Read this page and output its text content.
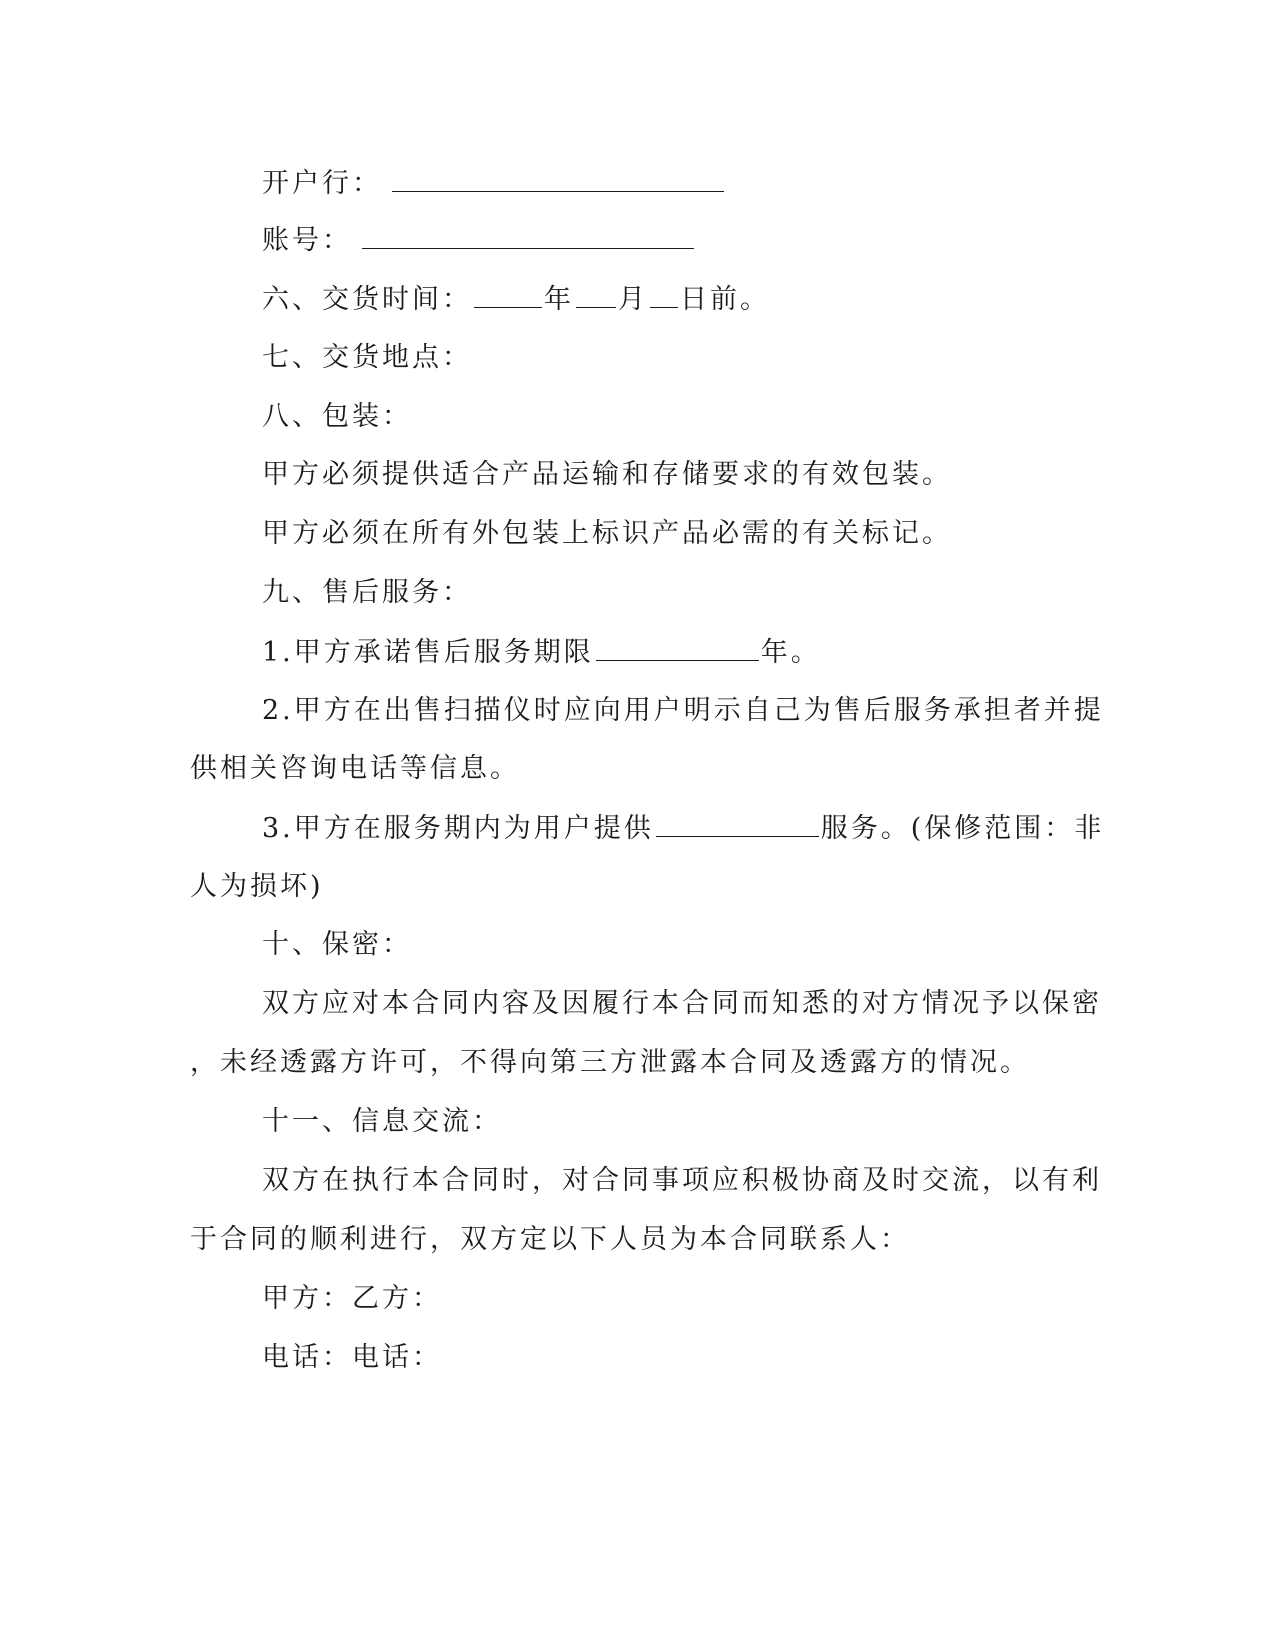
开户行：
账号：
六、交货时间：	年 月 日前。
七、交货地点：
八、包装：
甲方必须提供适合产品运输和存储要求的有效包装。
甲方必须在所有外包装上标识产品必需的有关标记。
九、售后服务：
1.甲方承诺售后服务期限	年。
2.甲方在出售扫描仪时应向用户明示自己为售后服务承担者并提
供相关咨询电话等信息。
3.甲方在服务期内为用户提供	服务。(保修范围：非
人为损坏)
十、保密：
双方应对本合同内容及因履行本合同而知悉的对方情况予以保密
，未经透露方许可，不得向第三方泄露本合同及透露方的情况。
十一、信息交流：
双方在执行本合同时，对合同事项应积极协商及时交流，以有利
于合同的顺利进行，双方定以下人员为本合同联系人：
甲方：乙方：
电话：电话：
